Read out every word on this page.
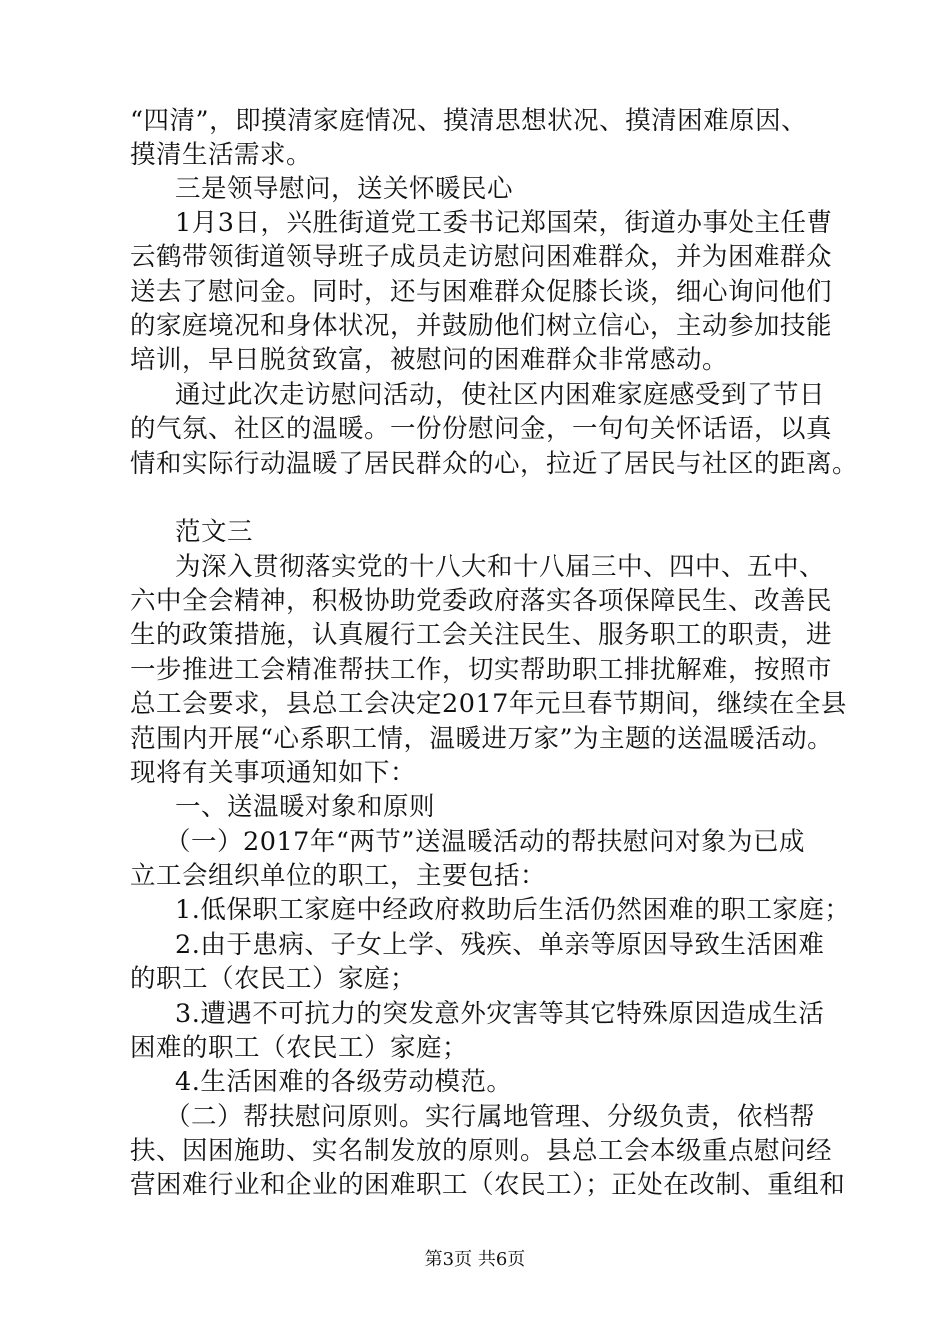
“四清”，即摸清家庭情况、摸清思想状况、摸清困难原因、
摸清生活需求。
三是领导慰问，送关怀暖民心
1月3日，兴胜街道党工委书记郑国荣，街道办事处主任曹
云鹤带领街道领导班子成员走访慰问困难群众，并为困难群众
送去了慰问金。同时，还与困难群众促膝长谈，细心询问他们
的家庭境况和身体状况，并鼓励他们树立信心，主动参加技能
培训，早日脱贫致富，被慰问的困难群众非常感动。
通过此次走访慰问活动，使社区内困难家庭感受到了节日
的气氛、社区的温暖。一份份慰问金，一句句关怀话语，以真
情和实际行动温暖了居民群众的心，拉近了居民与社区的距离。
范文三
为深入贯彻落实党的十八大和十八届三中、四中、五中、
六中全会精神，积极协助党委政府落实各项保障民生、改善民
生的政策措施，认真履行工会关注民生、服务职工的职责，进
一步推进工会精准帮扶工作，切实帮助职工排扰解难，按照市
总工会要求，县总工会决定2017年元旦春节期间，继续在全县
范围内开展“心系职工情，温暖进万家”为主题的送温暖活动。
现将有关事项通知如下：
一、送温暖对象和原则
（一）2017年“两节”送温暖活动的帮扶慰问对象为已成
立工会组织单位的职工，主要包括：
1.低保职工家庭中经政府救助后生活仍然困难的职工家庭；
2.由于患病、子女上学、残疾、单亲等原因导致生活困难
的职工（农民工）家庭；
3.遭遇不可抗力的突发意外灾害等其它特殊原因造成生活
困难的职工（农民工）家庭；
4.生活困难的各级劳动模范。
（二）帮扶慰问原则。实行属地管理、分级负责，依档帮
第3页 共6页
扶、因困施助、实名制发放的原则。县总工会本级重点慰问经
营困难行业和企业的困难职工（农民工）；正处在改制、重组和
